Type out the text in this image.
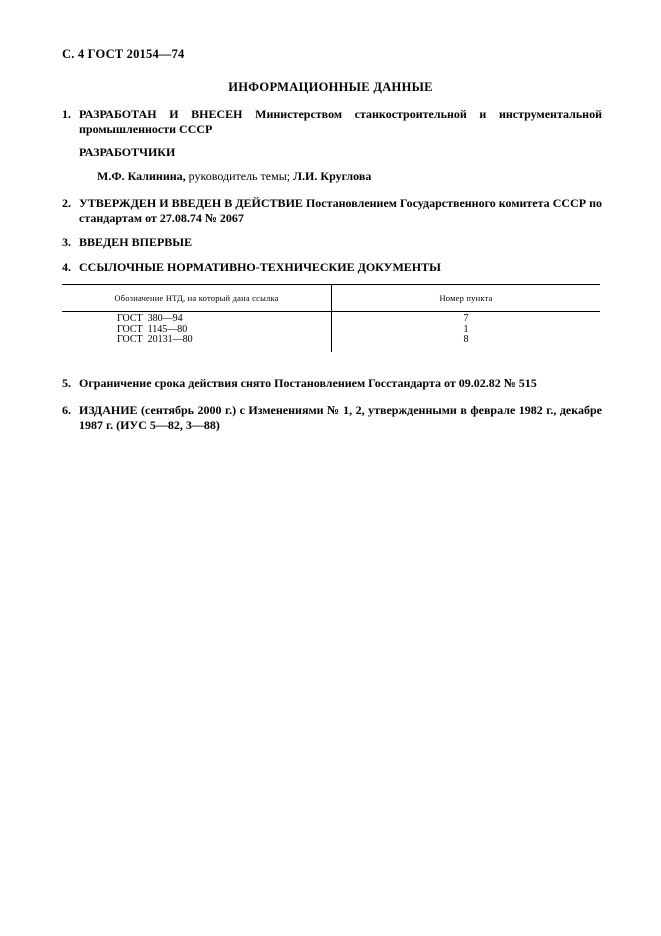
С. 4 ГОСТ 20154—74
ИНФОРМАЦИОННЫЕ ДАННЫЕ
1. РАЗРАБОТАН И ВНЕСЕН Министерством станкостроительной и инструментальной промышленности СССР
РАЗРАБОТЧИКИ
М.Ф. Калинина, руководитель темы; Л.И. Круглова
2. УТВЕРЖДЕН И ВВЕДЕН В ДЕЙСТВИЕ Постановлением Государственного комитета СССР по стандартам от 27.08.74 № 2067
3. ВВЕДЕН ВПЕРВЫЕ
4. ССЫЛОЧНЫЕ НОРМАТИВНО-ТЕХНИЧЕСКИЕ ДОКУМЕНТЫ
Обозначение НТД, на который дана ссылка	Номер пункта
ГОСТ  380—94	7
ГОСТ  1145—80	1
ГОСТ  20131—80	8
5. Ограничение срока действия снято Постановлением Госстандарта от 09.02.82 № 515
6. ИЗДАНИЕ (сентябрь 2000 г.) с Изменениями № 1, 2, утвержденными в феврале 1982 г., декабре 1987 г. (ИУС 5—82, 3—88)
